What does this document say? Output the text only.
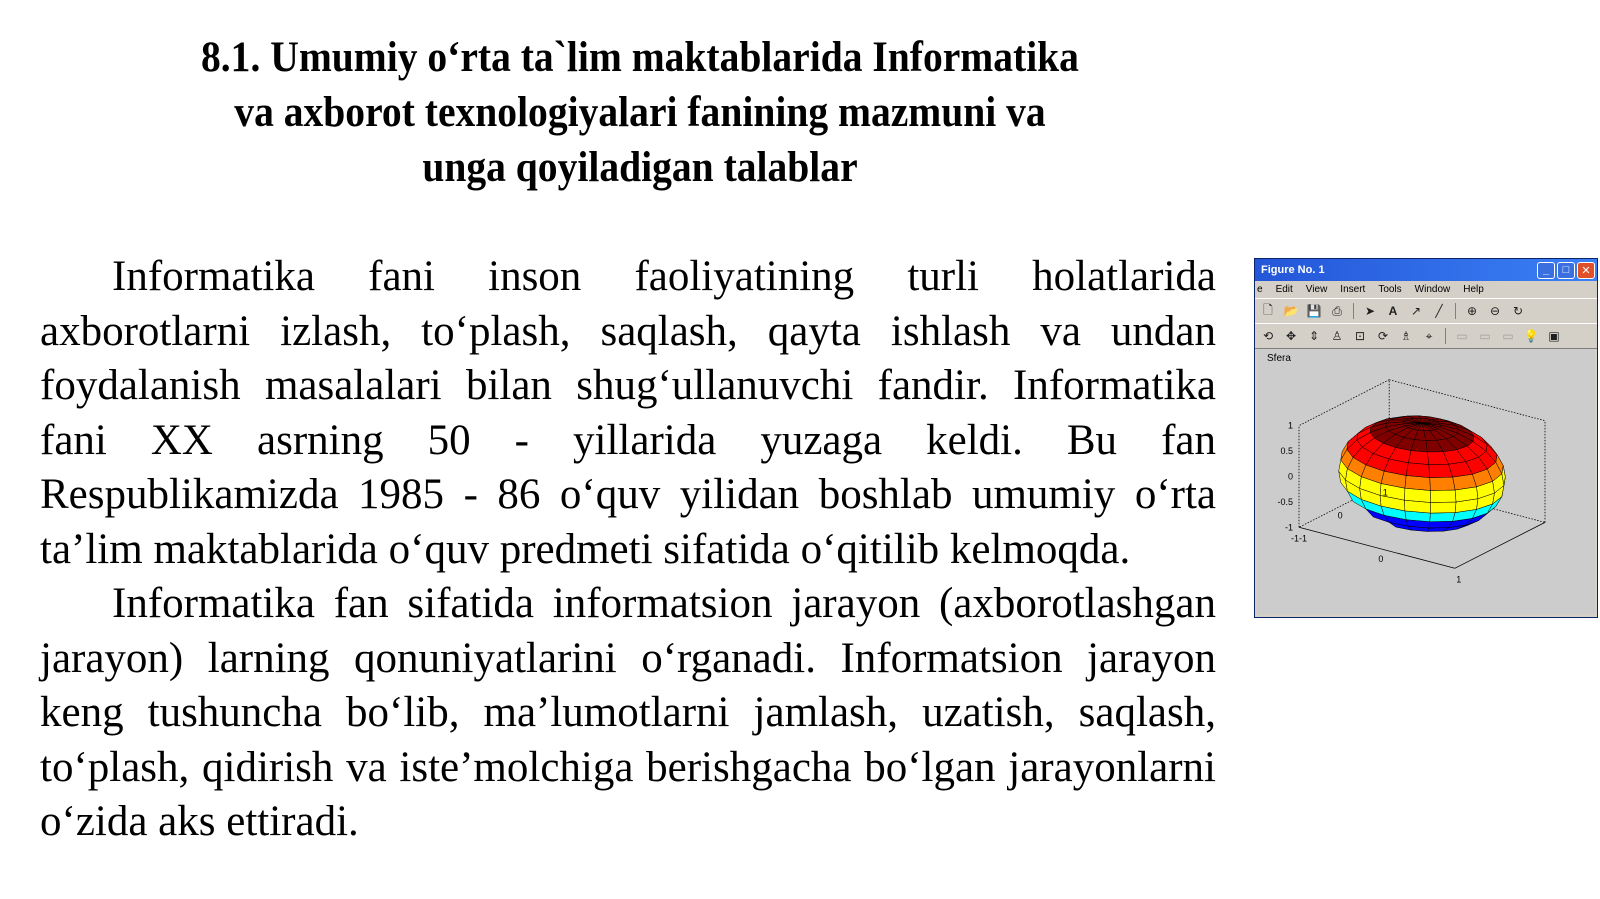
8.1. Umumiy o‘rta ta`lim maktablarida Informatika
va axborot texnologiyalari fanining mazmuni va
unga qoyiladigan talablar

Informatika fani inson faoliyatining turli holatlarida axborotlarni izlash, to‘plash, saqlash, qayta ishlash va undan foydalanish masalalari bilan shug‘ullanuvchi fandir. Informatika fani XX asrning 50 - yillarida yuzaga keldi. Bu fan Respublikamizda 1985 - 86 o‘quv yilidan boshlab umumiy o‘rta ta’lim maktablarida o‘quv predmeti sifatida o‘qitilib kelmoqda.

Informatika fan sifatida informatsion jarayon (axborotlashgan jarayon) larning qonuniyatlarini o‘rganadi. Informatsion jarayon keng tushuncha bo‘lib, ma’lumotlarni jamlash, uzatish, saqlash, to‘plash, qidirish va iste’molchiga berishgacha bo‘lgan jarayonlarni o‘zida aks ettiradi.

Figure No. 1	_	□	✕
e Edit View Insert Tools Window Help
🗋 📂 💾 ⎙	➤	A	↗	╱	⊕	⊖	↻
⟲	✥	⇕	♙	⊡	⟳	♗	⌖	▭ ▭ ▭ 💡 ▣
Sfera
1
0.5
0
-0.5
-1
-1
0
1
-1
0
1
